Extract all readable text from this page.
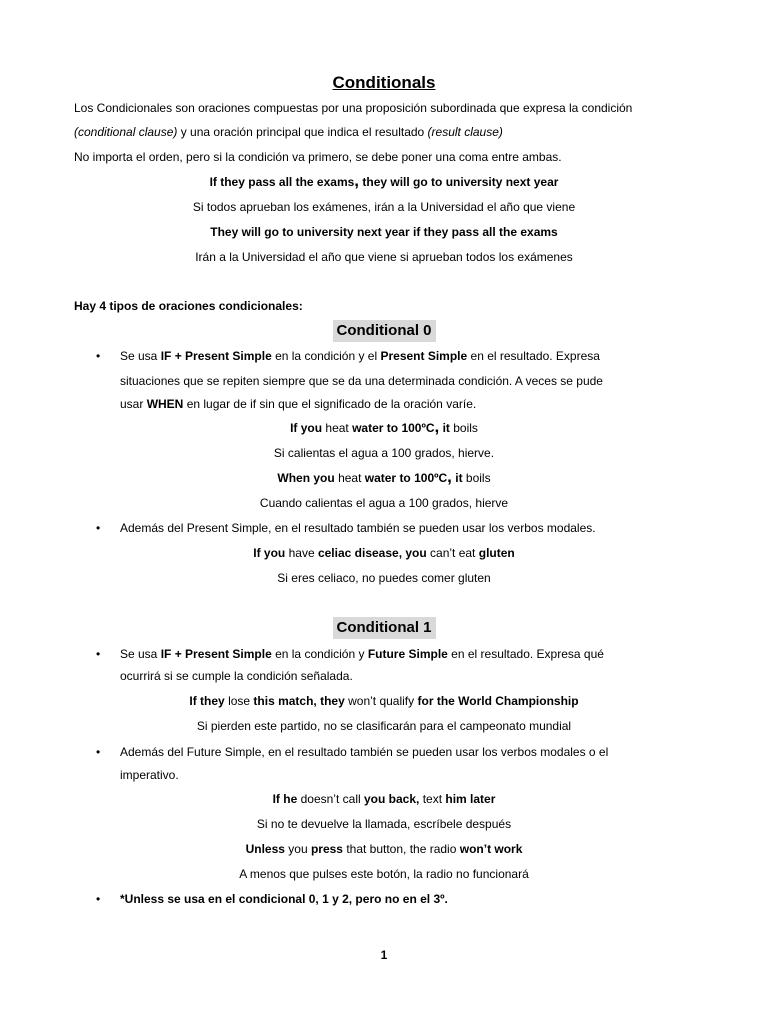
Conditionals
Los Condicionales son oraciones compuestas por una proposición subordinada que expresa la condición
(conditional clause) y una oración principal que indica el resultado (result clause)
No importa el orden, pero si la condición va primero, se debe poner una coma entre ambas.
If they pass all the exams, they will go to university next year
Si todos aprueban los exámenes, irán a la Universidad el año que viene
They will go to university next year if they pass all the exams
Irán a la Universidad el año que viene si aprueban todos los exámenes
Hay 4 tipos de oraciones condicionales:
Conditional 0
• Se usa IF + Present Simple en la condición y el Present Simple en el resultado. Expresa
situaciones que se repiten siempre que se da una determinada condición. A veces se pude
usar WHEN en lugar de if sin que el significado de la oración varíe.
If you heat water to 100ºC, it boils
Si calientas el agua a 100 grados, hierve.
When you heat water to 100ºC, it boils
Cuando calientas el agua a 100 grados, hierve
• Además del Present Simple, en el resultado también se pueden usar los verbos modales.
If you have celiac disease, you can’t eat gluten
Si eres celiaco, no puedes comer gluten
Conditional 1
• Se usa IF + Present Simple en la condición y Future Simple en el resultado. Expresa qué
ocurrirá si se cumple la condición señalada.
If they lose this match, they won’t qualify for the World Championship
Si pierden este partido, no se clasificarán para el campeonato mundial
• Además del Future Simple, en el resultado también se pueden usar los verbos modales o el
imperativo.
If he doesn’t call you back, text him later
Si no te devuelve la llamada, escríbele después
Unless you press that button, the radio won’t work
A menos que pulses este botón, la radio no funcionará
• *Unless se usa en el condicional 0, 1 y 2, pero no en el 3º.
1
